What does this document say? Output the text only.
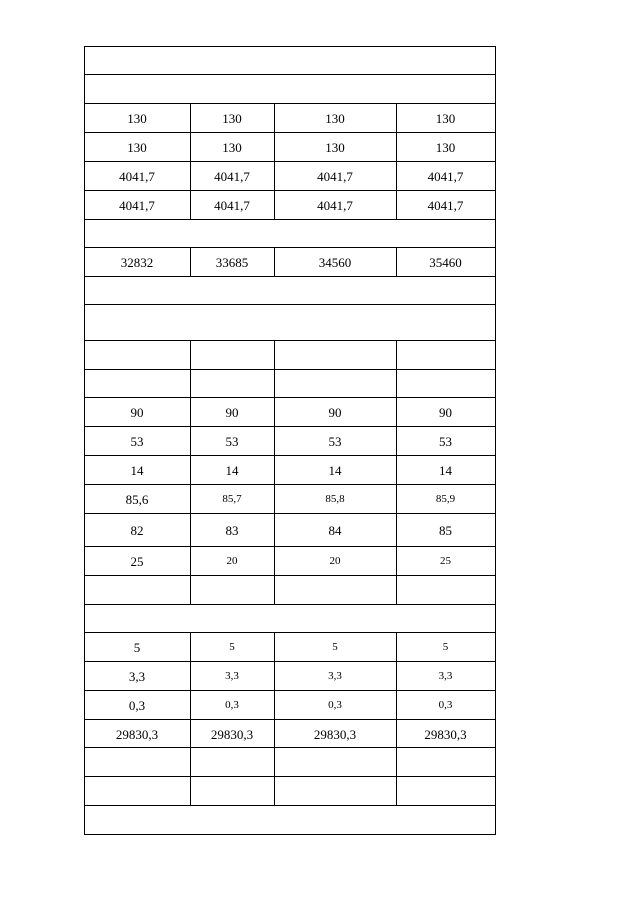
130	130	130	130
130	130	130	130
4041,7	4041,7	4041,7	4041,7
4041,7	4041,7	4041,7	4041,7
32832	33685	34560	35460
90	90	90	90
53	53	53	53
14	14	14	14
85,6	85,7	85,8	85,9
82	83	84	85
25	20	20	25
5	5	5	5
3,3	3,3	3,3	3,3
0,3	0,3	0,3	0,3
29830,3	29830,3	29830,3	29830,3
